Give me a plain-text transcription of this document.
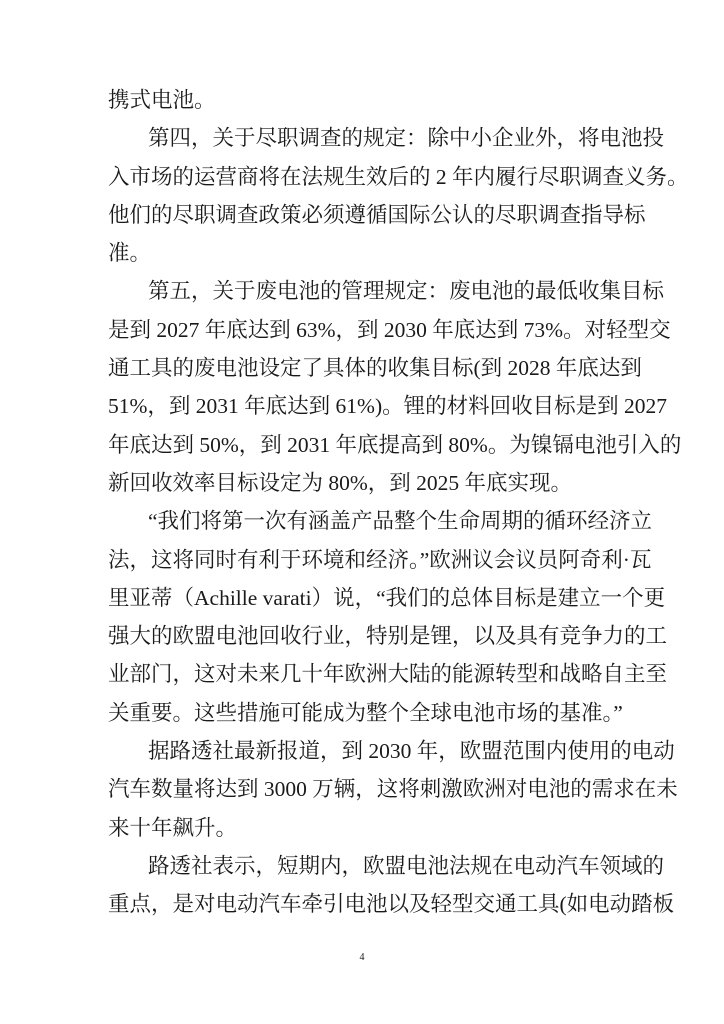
携式电池。
第四，关于尽职调查的规定：除中小企业外，将电池投
入市场的运营商将在法规生效后的 2 年内履行尽职调查义务。
他们的尽职调查政策必须遵循国际公认的尽职调查指导标
准。
第五，关于废电池的管理规定：废电池的最低收集目标
是到 2027 年底达到 63%，到 2030 年底达到 73%。对轻型交
通工具的废电池设定了具体的收集目标(到 2028 年底达到
51%，到 2031 年底达到 61%)。锂的材料回收目标是到 2027
年底达到 50%，到 2031 年底提高到 80%。为镍镉电池引入的
新回收效率目标设定为 80%，到 2025 年底实现。
“我们将第一次有涵盖产品整个生命周期的循环经济立
法，这将同时有利于环境和经济。”欧洲议会议员阿奇利·瓦
里亚蒂（Achille varati）说，“我们的总体目标是建立一个更
强大的欧盟电池回收行业，特别是锂，以及具有竞争力的工
业部门，这对未来几十年欧洲大陆的能源转型和战略自主至
关重要。这些措施可能成为整个全球电池市场的基准。”
据路透社最新报道，到 2030 年，欧盟范围内使用的电动
汽车数量将达到 3000 万辆，这将刺激欧洲对电池的需求在未
来十年飙升。
路透社表示，短期内，欧盟电池法规在电动汽车领域的
重点，是对电动汽车牵引电池以及轻型交通工具(如电动踏板
4
